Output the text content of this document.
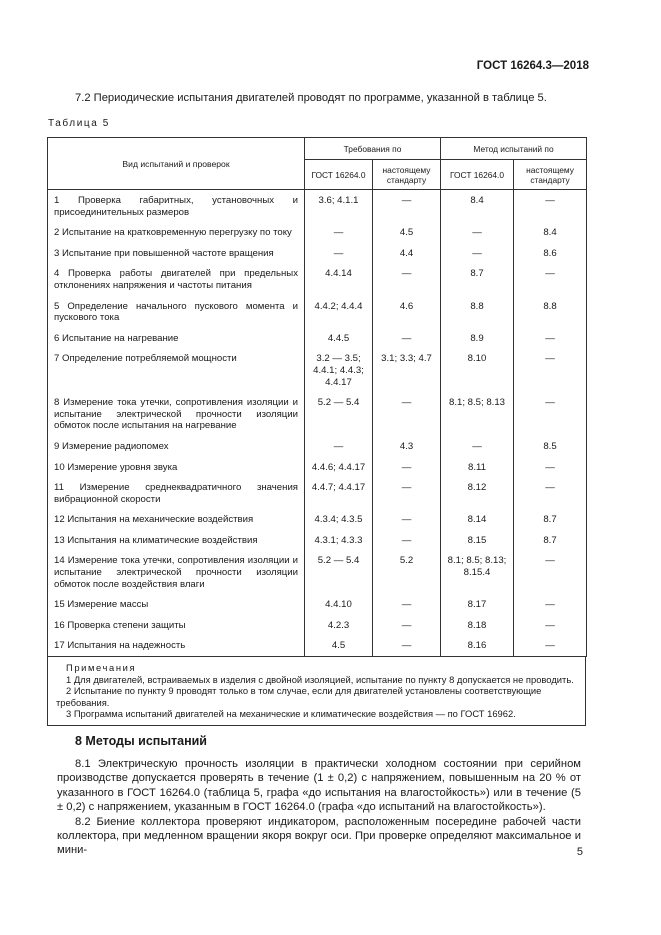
ГОСТ 16264.3—2018
7.2 Периодические испытания двигателей проводят по программе, указанной в таблице 5.
Таблица 5
Вид испытаний и проверок	Требования по		Метод испытаний по	
	ГОСТ 16264.0	настоящему стандарту	ГОСТ 16264.0	настоящему стандарту
1 Проверка габаритных, установочных и присоединительных размеров	3.6; 4.1.1	—	8.4	—
2 Испытание на кратковременную перегрузку по току	—	4.5	—	8.4
3 Испытание при повышенной частоте вращения	—	4.4	—	8.6
4 Проверка работы двигателей при предельных отклонениях напряжения и частоты питания	4.4.14	—	8.7	—
5 Определение начального пускового момента и пускового тока	4.4.2; 4.4.4	4.6	8.8	8.8
6 Испытание на нагревание	4.4.5	—	8.9	—
7 Определение потребляемой мощности	3.2 — 3.5; 4.4.1; 4.4.3; 4.4.17	3.1; 3.3; 4.7	8.10	—
8 Измерение тока утечки, сопротивления изоляции и испытание электрической прочности изоляции обмоток после испытания на нагревание	5.2 — 5.4	—	8.1; 8.5; 8.13	—
9 Измерение радиопомех	—	4.3	—	8.5
10 Измерение уровня звука	4.4.6; 4.4.17	—	8.11	—
11 Измерение среднеквадратичного значения вибрационной скорости	4.4.7; 4.4.17	—	8.12	—
12 Испытания на механические воздействия	4.3.4; 4.3.5	—	8.14	8.7
13 Испытания на климатические воздействия	4.3.1; 4.3.3	—	8.15	8.7
14 Измерение тока утечки, сопротивления изоляции и испытание электрической прочности изоляции обмоток после воздействия влаги	5.2 — 5.4	5.2	8.1; 8.5; 8.13; 8.15.4	—
15 Измерение массы	4.4.10	—	8.17	—
16 Проверка степени защиты	4.2.3	—	8.18	—
17 Испытания на надежность	4.5	—	8.16	—
Примечания

1 Для двигателей, встраиваемых в изделия с двойной изоляцией, испытание по пункту 8 допускается не проводить.

2 Испытание по пункту 9 проводят только в том случае, если для двигателей установлены соответствующие требования.

3 Программа испытаний двигателей на механические и климатические воздействия — по ГОСТ 16962.

8 Методы испытаний

8.1 Электрическую прочность изоляции в практически холодном состоянии при серийном производстве допускается проверять в течение (1 ± 0,2) с напряжением, повышенным на 20 % от указанного в ГОСТ 16264.0 (таблица 5, графа «до испытания на влагостойкость») или в течение (5 ± 0,2) с напряжением, указанным в ГОСТ 16264.0 (графа «до испытаний на влагостойкость»).

8.2 Биение коллектора проверяют индикатором, расположенным посередине рабочей части коллектора, при медленном вращении якоря вокруг оси. При проверке определяют максимальное и мини-	5
